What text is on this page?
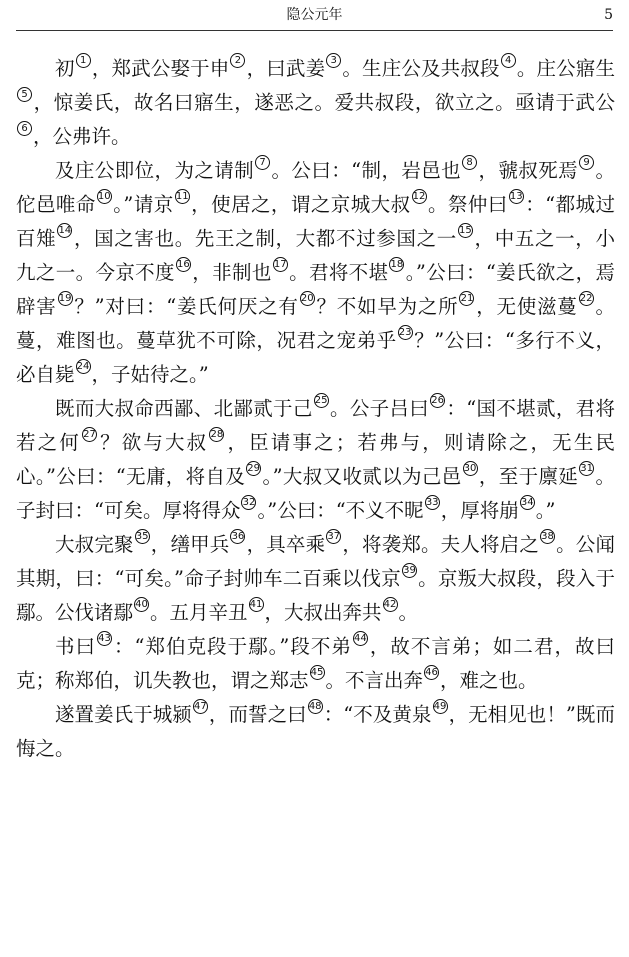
隐公元年	5

初 1 ，郑武公娶于申 2 ，曰武姜 3 。生庄公及共叔段 4 。庄公寤生5 ，惊姜氏，故名曰寤生，遂恶之。爱共叔段，欲立之。亟请于武公6 ，公弗许。

及庄公即位，为之请制 7 。公曰：“制，岩邑也 8 ，虢叔死焉 9 。佗邑唯命 10 。”请京 11 ，使居之，谓之京城大叔 12 。祭仲曰 13 ：“都城过百雉 14 ，国之害也。先王之制，大都不过参国之一 15 ，中五之一，小九之一。今京不度 16 ，非制也 17 。君将不堪 18 。”公曰：“姜氏欲之，焉辟害 19 ？”对曰：“姜氏何厌之有 20 ？不如早为之所 21 ，无使滋蔓 22 。蔓，难图也。蔓草犹不可除，况君之宠弟乎 23 ？”公曰：“多行不义，必自毙 24 ，子姑待之。”

既而大叔命西鄙、北鄙贰于己 25 。公子吕曰 26 ：“国不堪贰，君将若之何 27 ？欲与大叔 28 ，臣请事之；若弗与，则请除之，无生民心。”公曰：“无庸，将自及 29 。”大叔又收贰以为己邑 30 ，至于廪延 31 。子封曰：“可矣。厚将得众 32 。”公曰：“不义不昵 33 ，厚将崩 34 。”

大叔完聚 35 ，缮甲兵 36 ，具卒乘 37 ，将袭郑。夫人将启之 38 。公闻其期，曰：“可矣。”命子封帅车二百乘以伐京 39 。京叛大叔段，段入于鄢。公伐诸鄢 40 。五月辛丑 41 ，大叔出奔共 42 。

书曰 43 ：“郑伯克段于鄢。”段不弟 44 ，故不言弟；如二君，故曰克；称郑伯，讥失教也，谓之郑志 45 。不言出奔 46 ，难之也。

遂置姜氏于城颍 47 ，而誓之曰 48 ：“不及黄泉 49 ，无相见也！”既而悔之。
